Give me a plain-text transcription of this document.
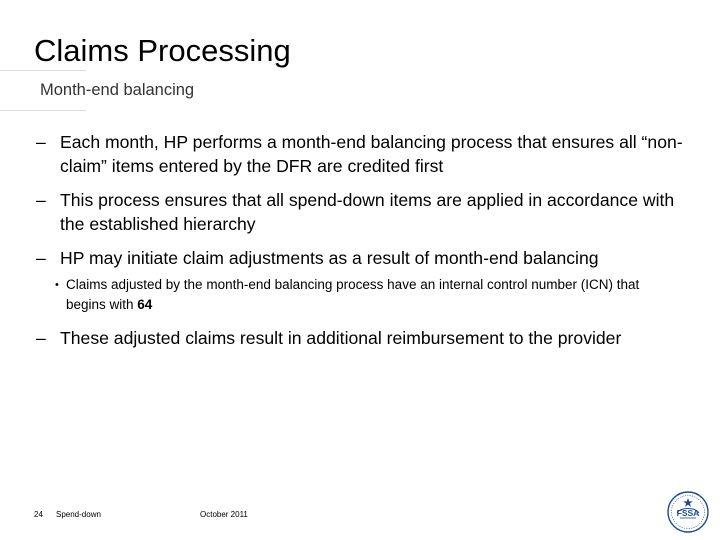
Claims Processing
Month-end balancing
– Each month, HP performs a month-end balancing process that ensures all “non-claim” items entered by the DFR are credited first
– This process ensures that all spend-down items are applied in accordance with the established hierarchy
– HP may initiate claim adjustments as a result of month-end balancing
• Claims adjusted by the month-end balancing process have an internal control number (ICN) that begins with 64
– These adjusted claims result in additional reimbursement to the provider
24 Spend-down	October 2011	FSSA
